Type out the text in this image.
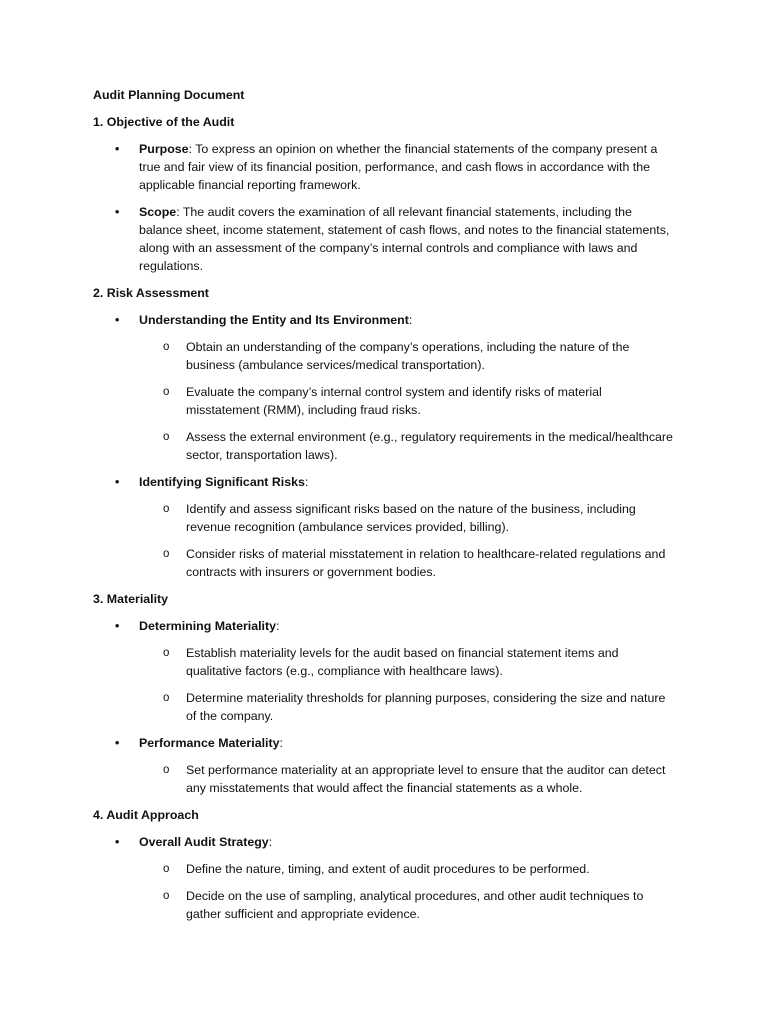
Audit Planning Document

1. Objective of the Audit

• Purpose: To express an opinion on whether the financial statements of the company present a true and fair view of its financial position, performance, and cash flows in accordance with the applicable financial reporting framework.
• Scope: The audit covers the examination of all relevant financial statements, including the balance sheet, income statement, statement of cash flows, and notes to the financial statements, along with an assessment of the company’s internal controls and compliance with laws and regulations.

2. Risk Assessment

• Understanding the Entity and Its Environment:
o Obtain an understanding of the company’s operations, including the nature of the business (ambulance services/medical transportation).
o Evaluate the company’s internal control system and identify risks of material misstatement (RMM), including fraud risks.
o Assess the external environment (e.g., regulatory requirements in the medical/healthcare sector, transportation laws).
• Identifying Significant Risks:
o Identify and assess significant risks based on the nature of the business, including revenue recognition (ambulance services provided, billing).
o Consider risks of material misstatement in relation to healthcare-related regulations and contracts with insurers or government bodies.

3. Materiality

• Determining Materiality:
o Establish materiality levels for the audit based on financial statement items and qualitative factors (e.g., compliance with healthcare laws).
o Determine materiality thresholds for planning purposes, considering the size and nature of the company.
• Performance Materiality:
o Set performance materiality at an appropriate level to ensure that the auditor can detect any misstatements that would affect the financial statements as a whole.

4. Audit Approach

• Overall Audit Strategy:
o Define the nature, timing, and extent of audit procedures to be performed.
o Decide on the use of sampling, analytical procedures, and other audit techniques to gather sufficient and appropriate evidence.
